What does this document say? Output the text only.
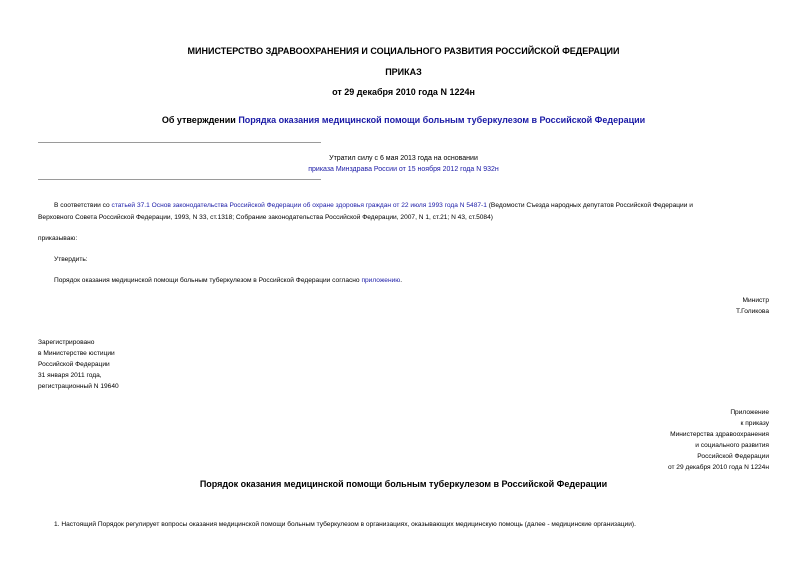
МИНИСТЕРСТВО ЗДРАВООХРАНЕНИЯ И СОЦИАЛЬНОГО РАЗВИТИЯ РОССИЙСКОЙ ФЕДЕРАЦИИ
ПРИКАЗ
от 29 декабря 2010 года N 1224н
Об утверждении Порядка оказания медицинской помощи больным туберкулезом в Российской Федерации
Утратил силу с 6 мая 2013 года на основании
приказа Минздрава России от 15 ноября 2012 года N 932н
В соответствии со статьей 37.1 Основ законодательства Российской Федерации об охране здоровья граждан от 22 июля 1993 года N 5487-1 (Ведомости Съезда народных депутатов Российской Федерации и
Верховного Совета Российской Федерации, 1993, N 33, ст.1318; Собрание законодательства Российской Федерации, 2007, N 1, ст.21; N 43, ст.5084)
приказываю:
Утвердить:
Порядок оказания медицинской помощи больным туберкулезом в Российской Федерации согласно приложению.
Министр
Т.Голикова
Зарегистрировано
в Министерстве юстиции
Российской Федерации
31 января 2011 года,
регистрационный N 19640
Приложение
к приказу
Министерства здравоохранения
и социального развития
Российской Федерации
от 29 декабря 2010 года N 1224н
Порядок оказания медицинской помощи больным туберкулезом в Российской Федерации
1. Настоящий Порядок регулирует вопросы оказания медицинской помощи больным туберкулезом в организациях, оказывающих медицинскую помощь (далее - медицинские организации).
